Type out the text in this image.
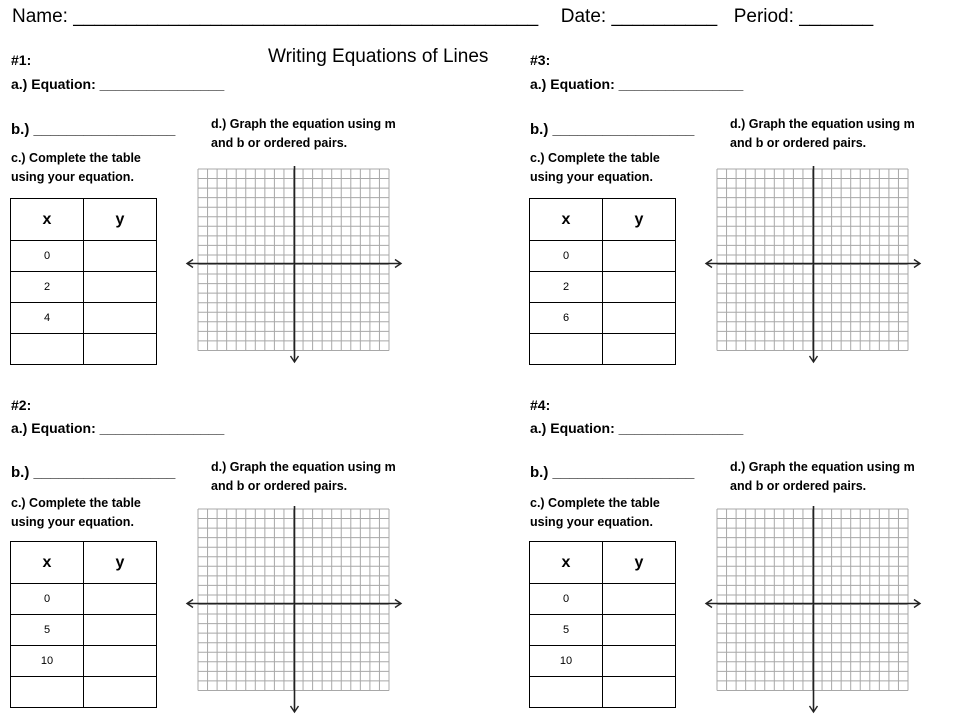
Name: ____________________________________________ Date: __________ Period: _______
Writing Equations of Lines
#1:
a.) Equation: ________________
b.) _________________
c.) Complete the table
using your equation.
d.) Graph the equation using m
and b or ordered pairs.
x	y
0	
2	
4	

#2:
a.) Equation: ________________
b.) _________________
c.) Complete the table
using your equation.
d.) Graph the equation using m
and b or ordered pairs.
x	y
0	
5	
10	

#3:
a.) Equation: ________________
b.) _________________
c.) Complete the table
using your equation.
d.) Graph the equation using m
and b or ordered pairs.
x	y
0	
2	
6	

#4:
a.) Equation: ________________
b.) _________________
c.) Complete the table
using your equation.
d.) Graph the equation using m
and b or ordered pairs.
x	y
0	
5	
10	
